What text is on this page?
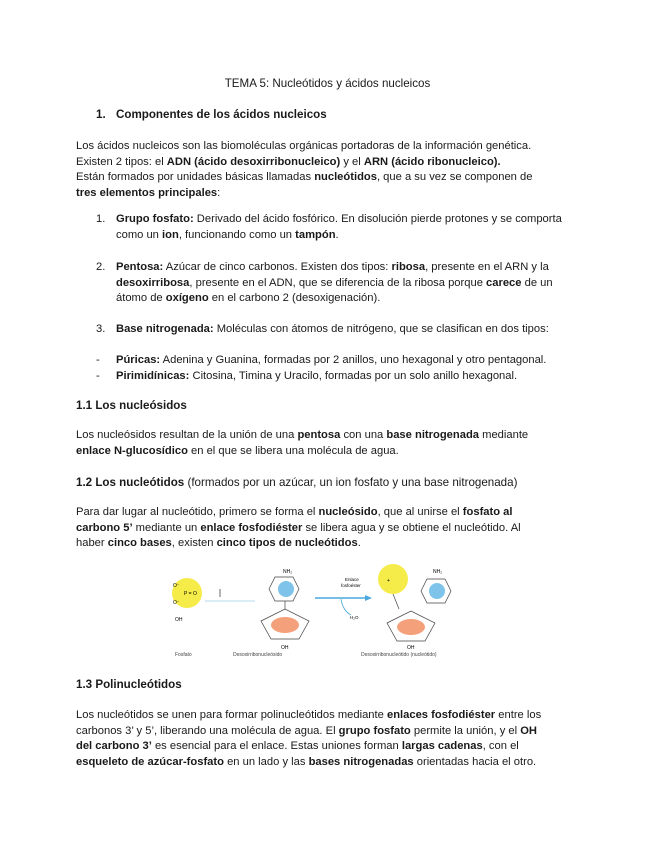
TEMA 5: Nucleótidos y ácidos nucleicos
1. Componentes de los ácidos nucleicos
Los ácidos nucleicos son las biomoléculas orgánicas portadoras de la información genética.
Existen 2 tipos: el ADN (ácido desoxirribonucleico) y el ARN (ácido ribonucleico).
Están formados por unidades básicas llamadas nucleótidos, que a su vez se componen de
tres elementos principales:
1. Grupo fosfato: Derivado del ácido fosfórico. En disolución pierde protones y se comporta como un ion, funcionando como un tampón.
2. Pentosa: Azúcar de cinco carbonos. Existen dos tipos: ribosa, presente en el ARN y la desoxirribosa, presente en el ADN, que se diferencia de la ribosa porque carece de un átomo de oxígeno en el carbono 2 (desoxigenación).
3. Base nitrogenada: Moléculas con átomos de nitrógeno, que se clasifican en dos tipos:
- Púricas: Adenina y Guanina, formadas por 2 anillos, uno hexagonal y otro pentagonal.
- Pirimidínicas: Citosina, Timina y Uracilo, formadas por un solo anillo hexagonal.
1.1 Los nucleósidos
Los nucleósidos resultan de la unión de una pentosa con una base nitrogenada mediante
enlace N-glucosídico en el que se libera una molécula de agua.
1.2 Los nucleótidos (formados por un azúcar, un ion fosfato y una base nitrogenada)
Para dar lugar al nucleótido, primero se forma el nucleósido, que al unirse el fosfato al
carbono 5’ mediante un enlace fosfodiéster se libera agua y se obtiene el nucleótido. Al
haber cinco bases, existen cinco tipos de nucleótidos.
O⁻
P = O
O⁻
OH
Fosfato
NH₂
OH
Desoxirribonucleósido
Enlace
fosfoéster
H₂O
+
NH₂
OH
Desoxirribonucleótido (nucleótido)
1.3 Polinucleótidos
Los nucleótidos se unen para formar polinucleótidos mediante enlaces fosfodiéster entre los
carbonos 3’ y 5’, liberando una molécula de agua. El grupo fosfato permite la unión, y el OH
del carbono 3’ es esencial para el enlace. Estas uniones forman largas cadenas, con el
esqueleto de azúcar-fosfato en un lado y las bases nitrogenadas orientadas hacia el otro.
